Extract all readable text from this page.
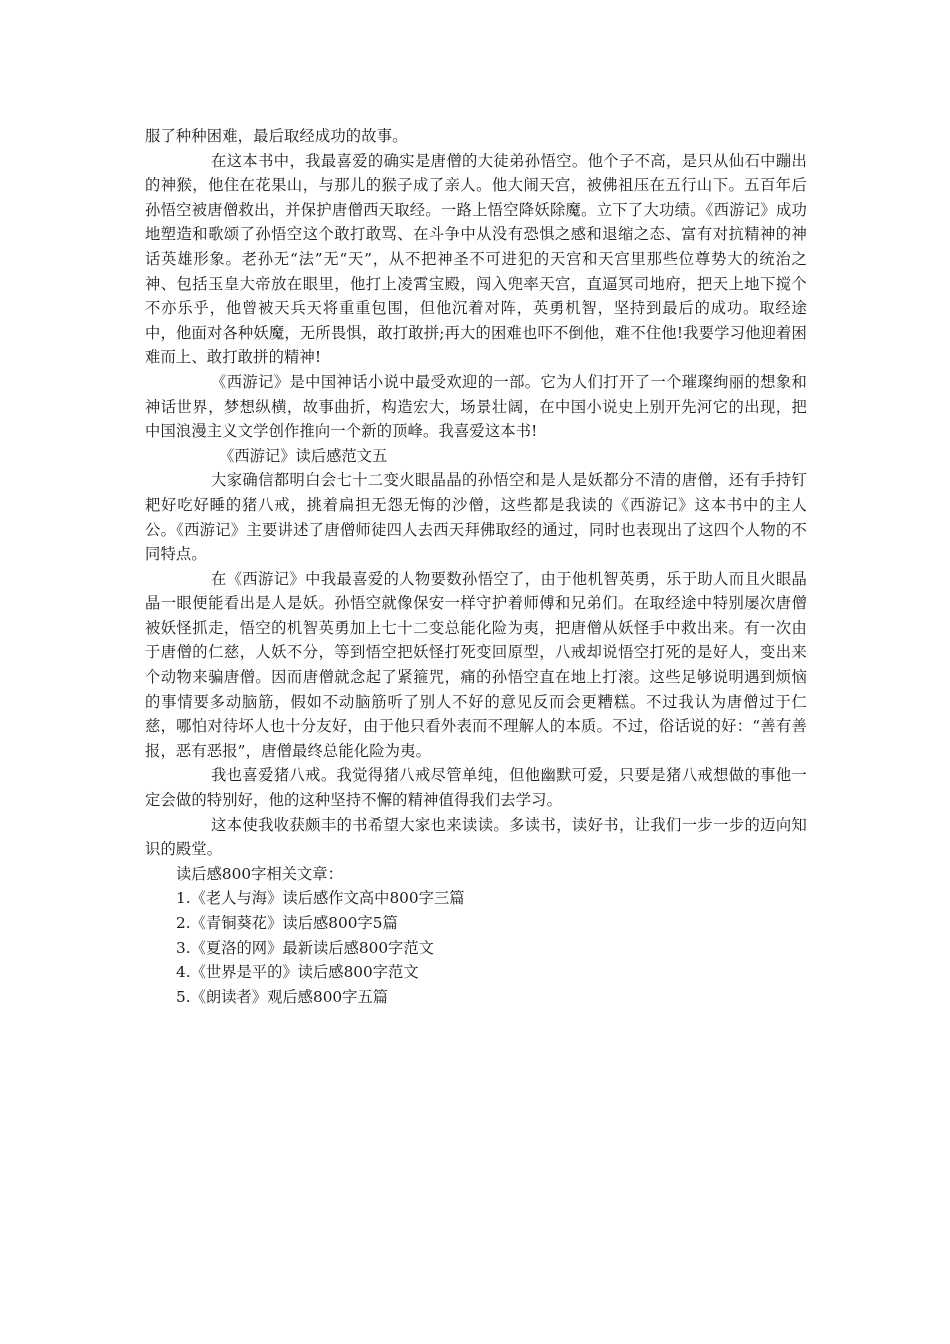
服了种种困难，最后取经成功的故事。

在这本书中，我最喜爱的确实是唐僧的大徒弟孙悟空。他个子不高，是只从仙石中蹦出的神猴，他住在花果山，与那儿的猴子成了亲人。他大闹天宫，被佛祖压在五行山下。五百年后孙悟空被唐僧救出，并保护唐僧西天取经。一路上悟空降妖除魔。立下了大功绩。《西游记》成功地塑造和歌颂了孙悟空这个敢打敢骂、在斗争中从没有恐惧之感和退缩之态、富有对抗精神的神话英雄形象。老孙无“法”无“天”，从不把神圣不可进犯的天宫和天宫里那些位尊势大的统治之神、包括玉皇大帝放在眼里，他打上凌霄宝殿，闯入兜率天宫，直逼冥司地府，把天上地下搅个不亦乐乎，他曾被天兵天将重重包围，但他沉着对阵，英勇机智，坚持到最后的成功。取经途中，他面对各种妖魔，无所畏惧，敢打敢拼;再大的困难也吓不倒他，难不住他!我要学习他迎着困难而上、敢打敢拼的精神!

《西游记》是中国神话小说中最受欢迎的一部。它为人们打开了一个璀璨绚丽的想象和神话世界，梦想纵横，故事曲折，构造宏大，场景壮阔，在中国小说史上别开先河它的出现，把中国浪漫主义文学创作推向一个新的顶峰。我喜爱这本书!

《西游记》读后感范文五

大家确信都明白会七十二变火眼晶晶的孙悟空和是人是妖都分不清的唐僧，还有手持钉耙好吃好睡的猪八戒，挑着扁担无怨无悔的沙僧，这些都是我读的《西游记》这本书中的主人公。《西游记》主要讲述了唐僧师徒四人去西天拜佛取经的通过，同时也表现出了这四个人物的不同特点。

在《西游记》中我最喜爱的人物要数孙悟空了，由于他机智英勇，乐于助人而且火眼晶晶一眼便能看出是人是妖。孙悟空就像保安一样守护着师傅和兄弟们。在取经途中特别屡次唐僧被妖怪抓走，悟空的机智英勇加上七十二变总能化险为夷，把唐僧从妖怪手中救出来。有一次由于唐僧的仁慈，人妖不分，等到悟空把妖怪打死变回原型，八戒却说悟空打死的是好人，变出来个动物来骗唐僧。因而唐僧就念起了紧箍咒，痛的孙悟空直在地上打滚。这些足够说明遇到烦恼的事情要多动脑筋，假如不动脑筋听了别人不好的意见反而会更糟糕。不过我认为唐僧过于仁慈，哪怕对待坏人也十分友好，由于他只看外表而不理解人的本质。不过，俗话说的好：“善有善报，恶有恶报”，唐僧最终总能化险为夷。

我也喜爱猪八戒。我觉得猪八戒尽管单纯，但他幽默可爱，只要是猪八戒想做的事他一定会做的特别好，他的这种坚持不懈的精神值得我们去学习。

这本使我收获颇丰的书希望大家也来读读。多读书，读好书，让我们一步一步的迈向知识的殿堂。

读后感800字相关文章：

1.《老人与海》读后感作文高中800字三篇
2.《青铜葵花》读后感800字5篇
3.《夏洛的网》最新读后感800字范文
4.《世界是平的》读后感800字范文
5.《朗读者》观后感800字五篇
